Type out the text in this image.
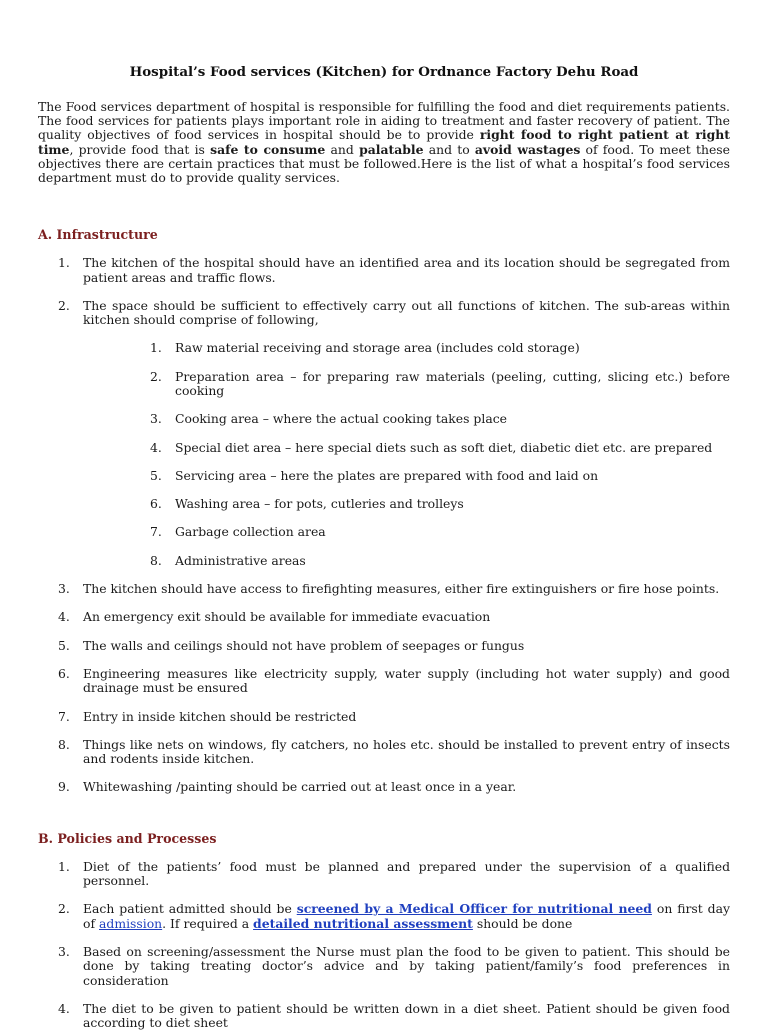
Hospital’s Food services (Kitchen) for Ordnance Factory Dehu Road

The Food services department of hospital is responsible for fulfilling the food and diet requirements patients. The food services for patients plays important role in aiding to treatment and faster recovery of patient. The quality objectives of food services in hospital should be to provide right food to right patient at right time, provide food that is safe to consume and palatable and to avoid wastages of food. To meet these objectives there are certain practices that must be followed.Here is the list of what a hospital’s food services department must do to provide quality services.

A. Infrastructure
1. The kitchen of the hospital should have an identified area and its location should be segregated from patient areas and traffic flows.
2. The space should be sufficient to effectively carry out all functions of kitchen. The sub-areas within kitchen should comprise of following,
1. Raw material receiving and storage area (includes cold storage)
2. Preparation area – for preparing raw materials (peeling, cutting, slicing etc.) before cooking
3. Cooking area – where the actual cooking takes place
4. Special diet area – here special diets such as soft diet, diabetic diet etc. are prepared
5. Servicing area – here the plates are prepared with food and laid on
6. Washing area – for pots, cutleries and trolleys
7. Garbage collection area
8. Administrative areas
3. The kitchen should have access to firefighting measures, either fire extinguishers or fire hose points.
4. An emergency exit should be available for immediate evacuation
5. The walls and ceilings should not have problem of seepages or fungus
6. Engineering measures like electricity supply, water supply (including hot water supply) and good drainage must be ensured
7. Entry in inside kitchen should be restricted
8. Things like nets on windows, fly catchers, no holes etc. should be installed to prevent entry of insects and rodents inside kitchen.
9. Whitewashing /painting should be carried out at least once in a year.
B. Policies and Processes
1. Diet of the patients’ food must be planned and prepared under the supervision of a qualified personnel.
2. Each patient admitted should be screened by a Medical Officer for nutritional need on first day of admission. If required a detailed nutritional assessment should be done
3. Based on screening/assessment the Nurse must plan the food to be given to patient. This should be done by taking treating doctor’s advice and by taking patient/family’s food preferences in consideration
4. The diet to be given to patient should be written down in a diet sheet. Patient should be given food according to diet sheet
